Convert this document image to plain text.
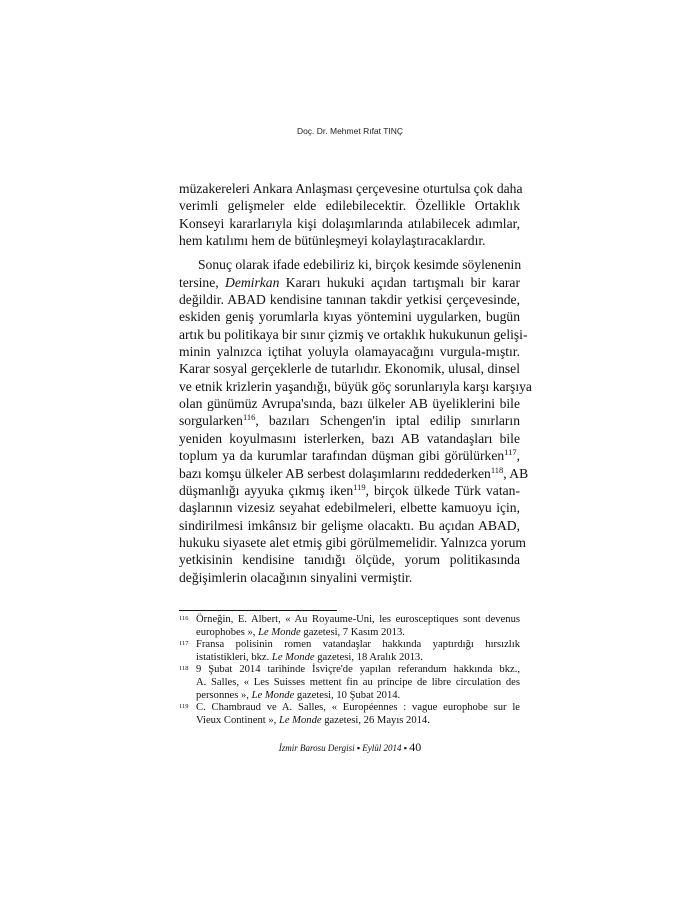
Doç. Dr. Mehmet Rıfat TINÇ
müzakereleri Ankara Anlaşması çerçevesine oturtulsa çok daha
verimli gelişmeler elde edilebilecektir. Özellikle Ortaklık
Konseyi kararlarıyla kişi dolaşımlarında atılabilecek adımlar,
hem katılımı hem de bütünleşmeyi kolaylaştıracaklardır.
Sonuç olarak ifade edebiliriz ki, birçok kesimde söylenenin
tersine, Demirkan Kararı hukuki açıdan tartışmalı bir karar
değildir. ABAD kendisine tanınan takdir yetkisi çerçevesinde,
eskiden geniş yorumlarla kıyas yöntemini uygularken, bugün
artık bu politikaya bir sınır çizmiş ve ortaklık hukukunun gelişi-
minin yalnızca içtihat yoluyla olamayacağını vurgula-mıştır.
Karar sosyal gerçeklerle de tutarlıdır. Ekonomik, ulusal, dinsel
ve etnik krizlerin yaşandığı, büyük göç sorunlarıyla karşı karşıya
olan günümüz Avrupa'sında, bazı ülkeler AB üyeliklerini bile
sorgularken$^{116}$, bazıları Schengen'in iptal edilip sınırların
yeniden koyulmasını isterlerken, bazı AB vatandaşları bile
toplum ya da kurumlar tarafından düşman gibi görülürken$^{117}$,
bazı komşu ülkeler AB serbest dolaşımlarını reddederken$^{118}$, AB
düşmanlığı ayyuka çıkmış iken$^{119}$, birçok ülkede Türk vatan-
daşlarının vizesiz seyahat edebilmeleri, elbette kamuoyu için,
sindirilmesi imkânsız bir gelişme olacaktı. Bu açıdan ABAD,
hukuku siyasete alet etmiş gibi görülmemelidir. Yalnızca yorum
yetkisinin kendisine tanıdığı ölçüde, yorum politikasında
değişimlerin olacağının sinyalini vermiştir.
116 Örneğin, E. Albert, « Au Royaume-Uni, les eurosceptiques sont devenus
europhobes », Le Monde gazetesi, 7 Kasım 2013.
117 Fransa polisinin romen vatandaşlar hakkında yaptırdığı hırsızlık
istatistikleri, bkz. Le Monde gazetesi, 18 Aralık 2013.
118 9 Şubat 2014 tarihinde İsviçre'de yapılan referandum hakkında bkz.,
A. Salles, « Les Suisses mettent fin au principe de libre circulation des
personnes », Le Monde gazetesi, 10 Şubat 2014.
119 C. Chambraud ve A. Salles, « Européennes : vague europhobe sur le
Vieux Continent », Le Monde gazetesi, 26 Mayıs 2014.
İzmir Barosu Dergisi ▪ Eylül 2014 ▪ 40
